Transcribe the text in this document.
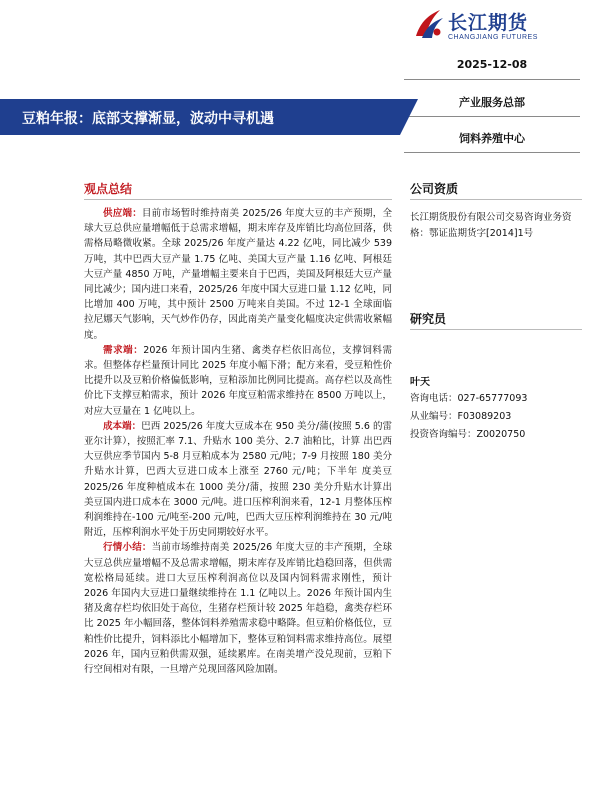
长江期货
CHANGJIANG FUTURES
2025-12-08
产业服务总部
饲料养殖中心
豆粕年报：底部支撑渐显，波动中寻机遇
观点总结

供应端：目前市场暂时维持南美 2025/26 年度大豆的丰产预期，全球大豆总供应量增幅低于总需求增幅，期末库存及库销比均高位回落，供需格局略微收紧。全球 2025/26 年度产量达 4.22 亿吨，同比减少 539 万吨，其中巴西大豆产量 1.75 亿吨、美国大豆产量 1.16 亿吨、阿根廷大豆产量 4850 万吨，产量增幅主要来自于巴西，美国及阿根廷大豆产量同比减少；国内进口来看，2025/26 年度中国大豆进口量 1.12 亿吨，同比增加 400 万吨，其中预计 2500 万吨来自美国。不过 12-1 全球面临拉尼娜天气影响，天气炒作仍存，因此南美产量变化幅度决定供需收紧幅度。

需求端：2026 年预计国内生猪、禽类存栏依旧高位，支撑饲料需求。但整体存栏量预计同比 2025 年度小幅下滑；配方来看，受豆粕性价比提升以及豆粕价格偏低影响，豆粕添加比例同比提高。高存栏以及高性价比下支撑豆粕需求，预计 2026 年度豆粕需求维持在 8500 万吨以上，对应大豆量在 1 亿吨以上。

成本端：巴西 2025/26 年度大豆成本在 950 美分/蒲(按照 5.6 的雷亚尔计算），按照汇率 7.1、升贴水 100 美分、2.7 油粕比，计算 出巴西大豆供应季节国内 5-8 月豆粕成本为 2580 元/吨；7-9 月按照 180 美分升贴水计算，巴西大豆进口成本上涨至 2760 元/吨；下半年 度美豆 2025/26 年度种植成本在 1000 美分/蒲，按照 230 美分升贴水计算出美豆国内进口成本在 3000 元/吨。进口压榨利润来看，12-1 月整体压榨利润维持在-100 元/吨至-200 元/吨，巴西大豆压榨利润维持在 30 元/吨附近，压榨利润水平处于历史同期较好水平。

行情小结：当前市场维持南美 2025/26 年度大豆的丰产预期，全球大豆总供应量增幅不及总需求增幅，期末库存及库销比趋稳回落，但供需宽松格局延续。进口大豆压榨利润高位以及国内饲料需求刚性，预计 2026 年国内大豆进口量继续维持在 1.1 亿吨以上。2026 年预计国内生猪及禽存栏均依旧处于高位，生猪存栏预计较 2025 年趋稳，禽类存栏环比 2025 年小幅回落，整体饲料养殖需求稳中略降。但豆粕价格低位，豆粕性价比提升，饲料添比小幅增加下，整体豆粕饲料需求维持高位。展望 2026 年，国内豆粕供需双强，延续累库。在南美增产没兑现前，豆粕下行空间相对有限，一旦增产兑现回落风险加剧。

公司资质
长江期货股份有限公司交易咨询业务资格：鄂证监期货字[2014]1号
研究员
叶天
咨询电话：027-65777093
从业编号：F03089203
投资咨询编号：Z0020750
